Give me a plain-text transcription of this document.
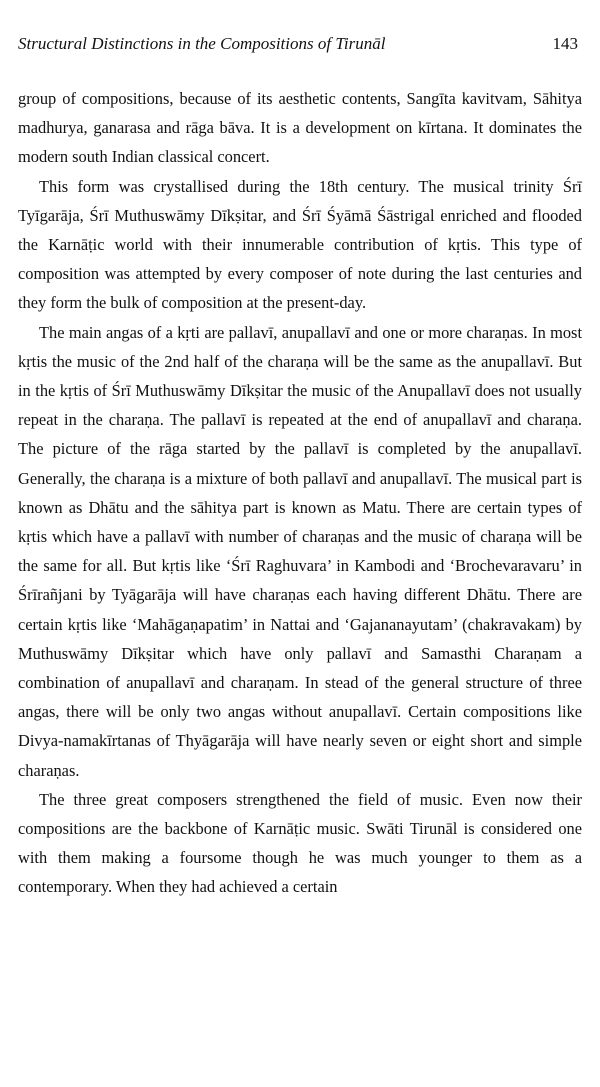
Structural Distinctions in the Compositions of Tirunāl	143

group of compositions, because of its aesthetic contents, Sangīta kavitvam, Sāhitya madhurya, ganarasa and rāga bāva. It is a development on kīrtana. It dominates the modern south Indian classical concert.

This form was crystallised during the 18th century. The musical trinity Śrī Tyīgarāja, Śrī Muthuswāmy Dīkṣitar, and Śrī Śyāmā Śāstrigal enriched and flooded the Karnāṭic world with their innumerable contribution of kṛtis. This type of composition was attempted by every composer of note during the last centuries and they form the bulk of composition at the present-day.

The main angas of a kṛti are pallavī, anupallavī and one or more charaṇas. In most kṛtis the music of the 2nd half of the charaṇa will be the same as the anupallavī. But in the kṛtis of Śrī Muthuswāmy Dīkṣitar the music of the Anupallavī does not usually repeat in the charaṇa. The pallavī is repeated at the end of anupallavī and charaṇa. The picture of the rāga started by the pallavī is completed by the anupallavī. Generally, the charaṇa is a mixture of both pallavī and anupallavī. The musical part is known as Dhātu and the sāhitya part is known as Matu. There are certain types of kṛtis which have a pallavī with number of charaṇas and the music of charaṇa will be the same for all. But kṛtis like ‘Śrī Raghuvara’ in Kambodi and ‘Brochevaravaru’ in Śrīrañjani by Tyāgarāja will have charaṇas each having different Dhātu. There are certain kṛtis like ‘Mahāgaṇapatim’ in Nattai and ‘Gajananayutam’ (chakravakam) by Muthuswāmy Dīkṣitar which have only pallavī and Samasthi Charaṇam a combination of anupallavī and charaṇam. In stead of the general structure of three angas, there will be only two angas without anupallavī. Certain compositions like Divya-namakīrtanas of Thyāgarāja will have nearly seven or eight short and simple charaṇas.

The three great composers strengthened the field of music. Even now their compositions are the backbone of Karnāṭic music. Swāti Tirunāl is considered one with them making a foursome though he was much younger to them as a contemporary. When they had achieved a certain
